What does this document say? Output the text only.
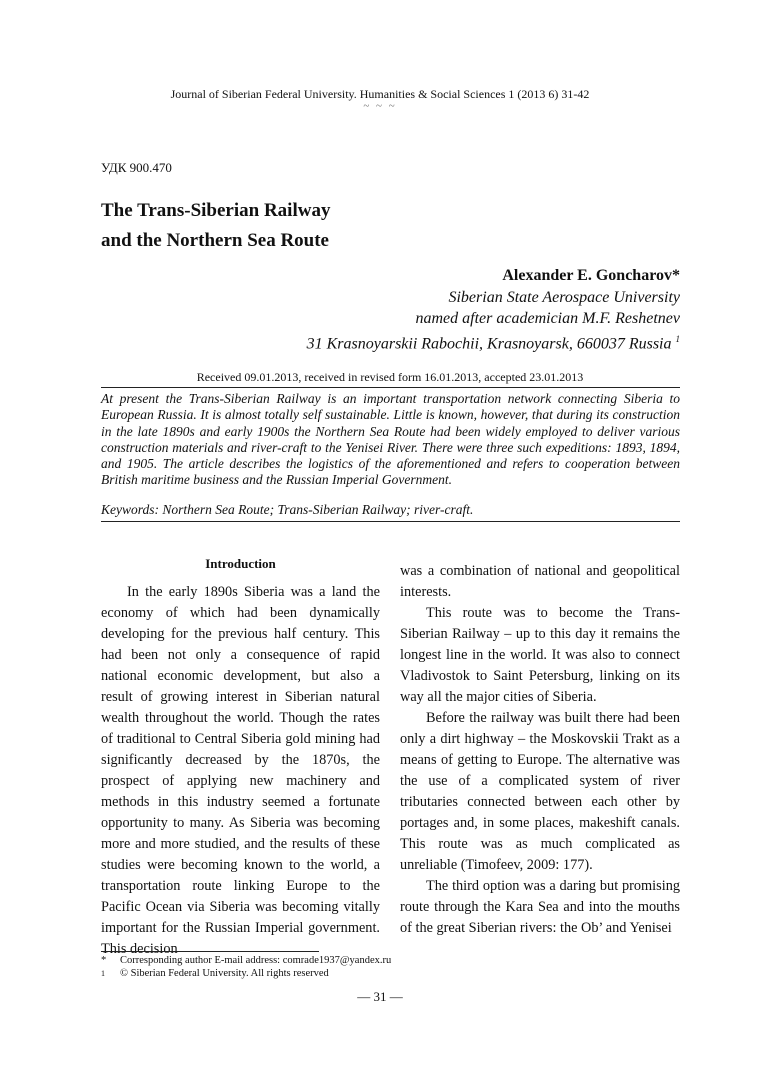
Journal of Siberian Federal University. Humanities & Social Sciences 1 (2013 6) 31-42
~ ~ ~
УДК 900.470
The Trans-Siberian Railway
and the Northern Sea Route
Alexander E. Goncharov*
Siberian State Aerospace University
named after academician M.F. Reshetnev
31 Krasnoyarskii Rabochii, Krasnoyarsk, 660037 Russia $^1$
Received 09.01.2013, received in revised form 16.01.2013, accepted 23.01.2013
At present the Trans-Siberian Railway is an important transportation network connecting Siberia to European Russia. It is almost totally self sustainable. Little is known, however, that during its construction in the late 1890s and early 1900s the Northern Sea Route had been widely employed to deliver various construction materials and river-craft to the Yenisei River. There were three such expeditions: 1893, 1894, and 1905. The article describes the logistics of the aforementioned and refers to cooperation between British maritime business and the Russian Imperial Government.
Keywords: Northern Sea Route; Trans-Siberian Railway; river-craft.

Introduction

In the early 1890s Siberia was a land the economy of which had been dynamically developing for the previous half century. This had been not only a consequence of rapid national economic development, but also a result of growing interest in Siberian natural wealth throughout the world. Though the rates of traditional to Central Siberia gold mining had significantly decreased by the 1870s, the prospect of applying new machinery and methods in this industry seemed a fortunate opportunity to many. As Siberia was becoming more and more studied, and the results of these studies were becoming known to the world, a transportation route linking Europe to the Pacific Ocean via Siberia was becoming vitally important for the Russian Imperial government. This decision

was a combination of national and geopolitical interests.

This route was to become the Trans-Siberian Railway – up to this day it remains the longest line in the world. It was also to connect Vladivostok to Saint Petersburg, linking on its way all the major cities of Siberia.

Before the railway was built there had been only a dirt highway – the Moskovskii Trakt as a means of getting to Europe. The alternative was the use of a complicated system of river tributaries connected between each other by portages and, in some places, makeshift canals. This route was as much complicated as unreliable (Timofeev, 2009: 177).

The third option was a daring but promising route through the Kara Sea and into the mouths of the great Siberian rivers: the Ob’ and Yenisei

*	Corresponding author E-mail address: comrade1937@yandex.ru
1	© Siberian Federal University. All rights reserved
— 31 —
